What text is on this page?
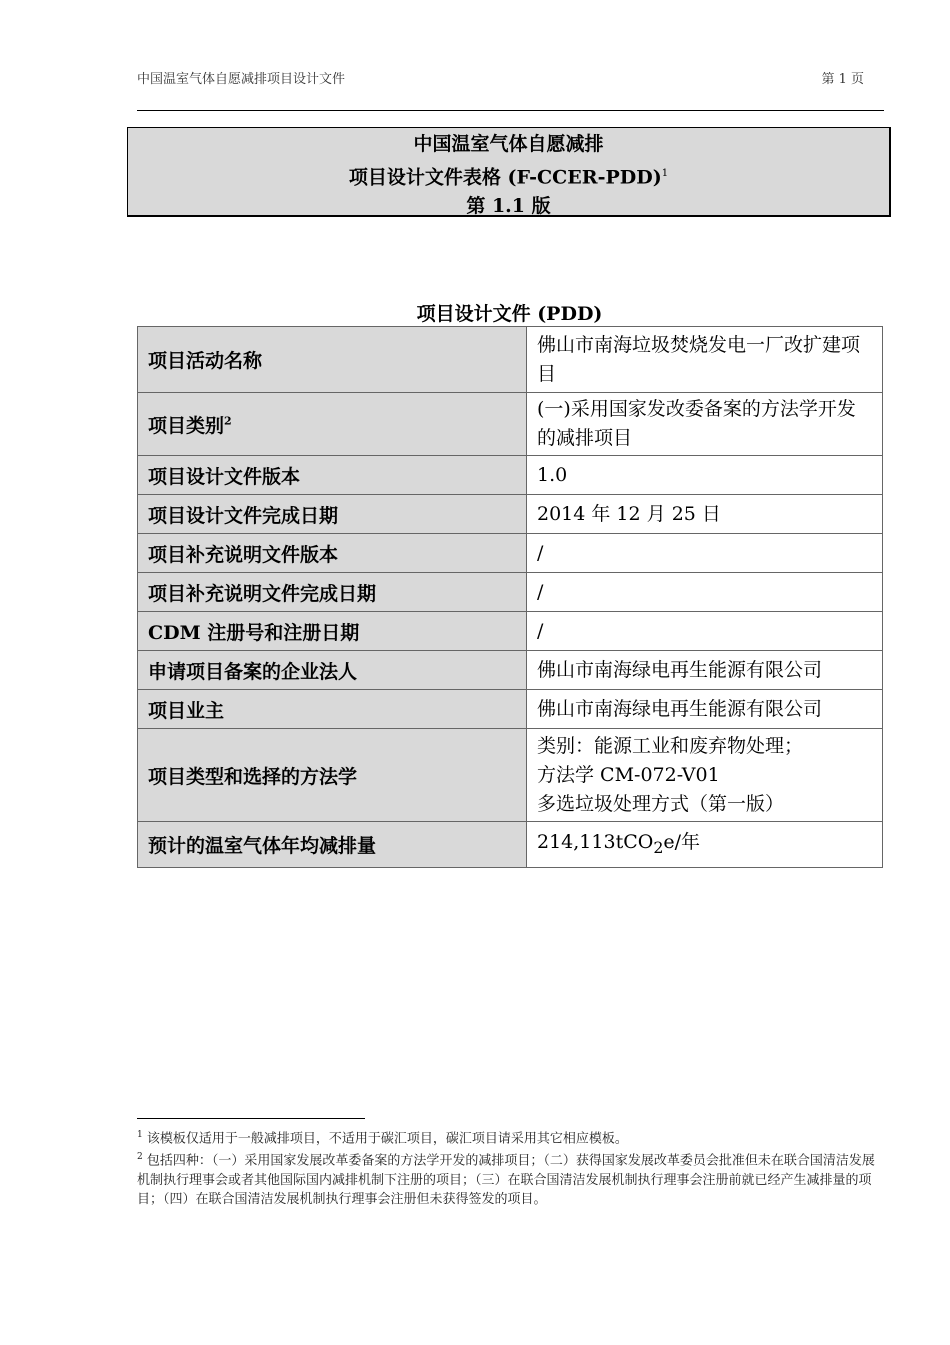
中国温室气体自愿减排项目设计文件	第 1 页
中国温室气体自愿减排
项目设计文件表格 (F-CCER-PDD)$^1$
第 1.1 版
项目设计文件 (PDD)
项目活动名称	佛山市南海垃圾焚烧发电一厂改扩建项目
项目类别$^2$	(一)采用国家发改委备案的方法学开发的减排项目
项目设计文件版本	1.0
项目设计文件完成日期	2014 年 12 月 25 日
项目补充说明文件版本	/
项目补充说明文件完成日期	/
CDM 注册号和注册日期	/
申请项目备案的企业法人	佛山市南海绿电再生能源有限公司
项目业主	佛山市南海绿电再生能源有限公司
项目类型和选择的方法学	类别：能源工业和废弃物处理；
方法学 CM-072-V01
多选垃圾处理方式（第一版）

预计的温室气体年均减排量	214,113tCO$_2$e/年

$^1$ 该模板仅适用于一般减排项目，不适用于碳汇项目，碳汇项目请采用其它相应模板。

$^2$ 包括四种：（一）采用国家发展改革委备案的方法学开发的减排项目；（二）获得国家发展改革委员会批准但未在联合国清洁发展机制执行理事会或者其他国际国内减排机制下注册的项目；（三）在联合国清洁发展机制执行理事会注册前就已经产生减排量的项目；（四）在联合国清洁发展机制执行理事会注册但未获得签发的项目。
